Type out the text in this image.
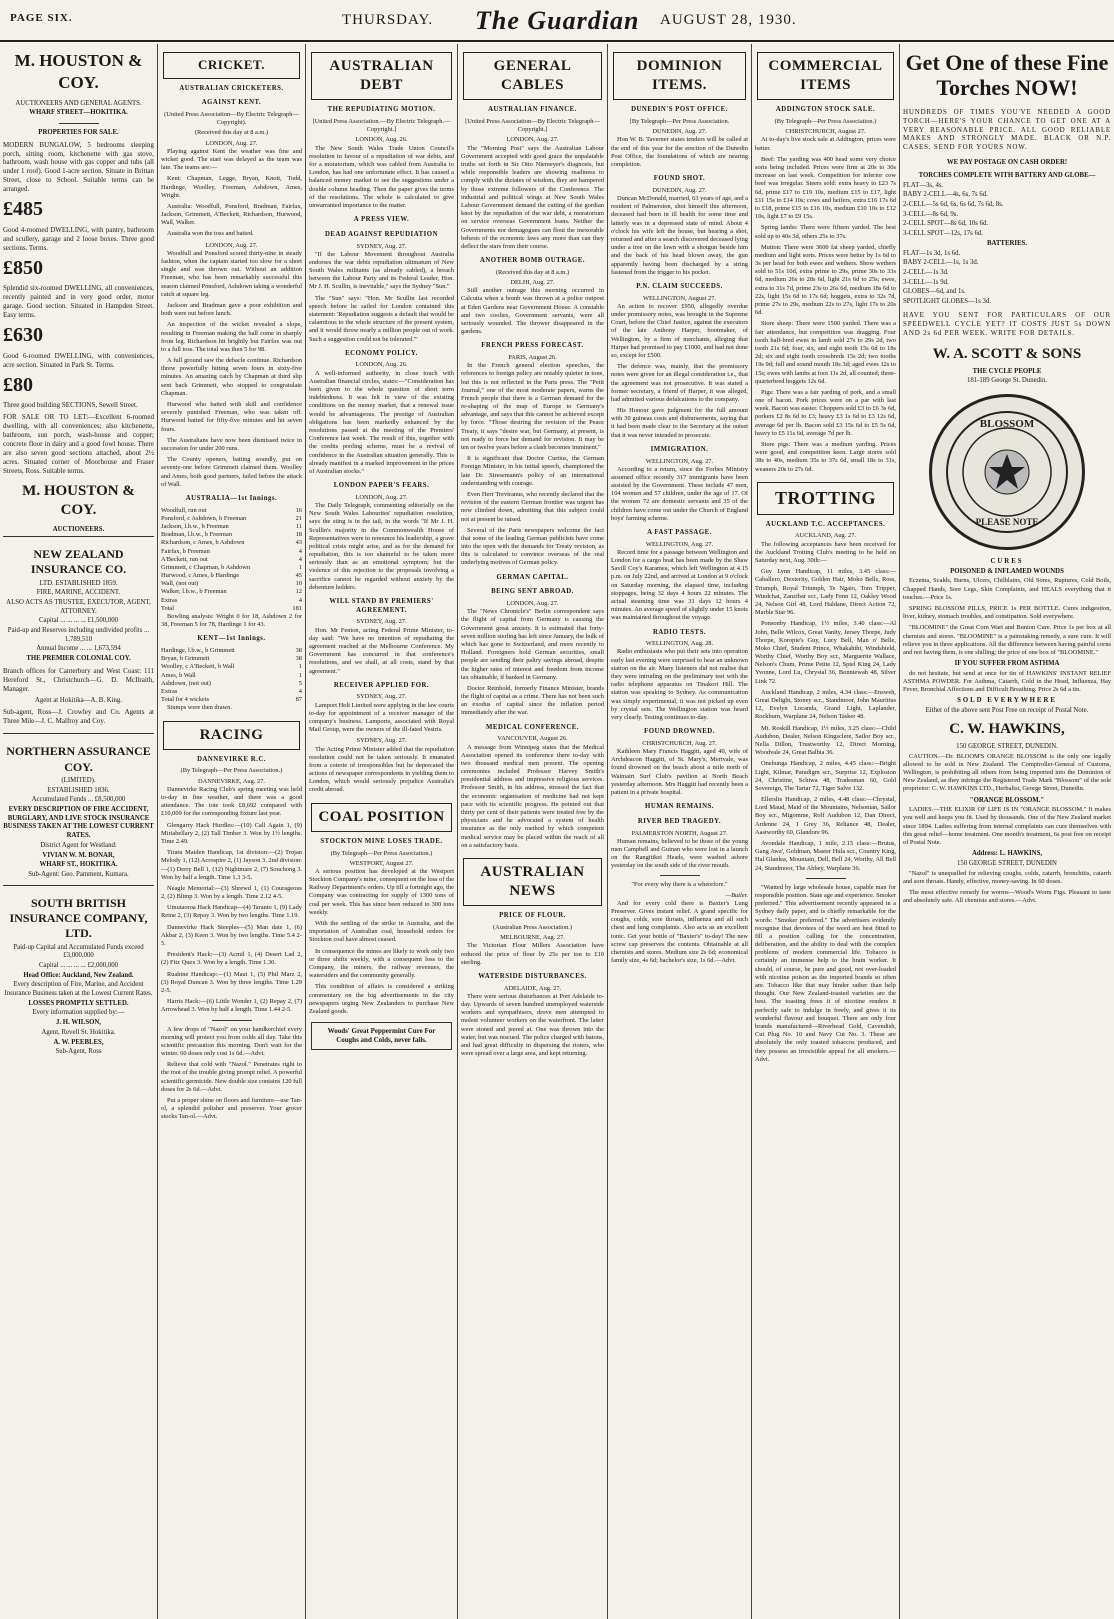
PAGE SIX.	THURSDAY. The Guardian AUGUST 28, 1930.
M. HOUSTON & COY.
AUCTIONEERS AND GENERAL AGENTS.
WHARF STREET—HOKITIKA.
PROPERTIES FOR SALE.
MODERN BUNGALOW, 5 bedrooms sleeping porch, sitting room, kitchenette with gas stove, bathroom, wash house with gas copper and tubs (all under 1 roof). Good 1-acre section. Situate in Brittan Street, close to School. Suitable terms can be arranged.
£485
Good 4-roomed DWELLING, with pantry, bathroom and scullery, garage and 2 loose boxes. Three good sections. Terms.
£850
Splendid six-roomed DWELLING, all conveniences, recently painted and in very good order, motor garage. Good section. Situated in Hampden Street. Easy terms.
£630
Good 6-roomed DWELLING, with conveniences, acre section. Situated in Park St. Terms.
£80
Three good building SECTIONS, Sewell Street.
FOR SALE OR TO LET:—Excellent 6-roomed dwelling, with all conveniences; also kitchenette, bathroom, sun porch, wash-house and copper; concrete floor in dairy and a good fowl house. There are also seven good sections attached, about 2½ acres. Situated corner of Moorhouse and Fraser Streets, Ross. Suitable terms.
M. HOUSTON & COY.
AUCTIONEERS.
NEW ZEALAND INSURANCE CO.
LTD. ESTABLISHED 1859.
FIRE, MARINE, ACCIDENT.
ALSO ACTS AS TRUSTEE, EXECUTOR, AGENT, ATTORNEY.
Capital ... ... ... ... £1,500,000
Paid-up and Reserves including undivided profits ... 1,789,510
Annual Income ... ... 1,673,594
THE PREMIER COLONIAL COY.
Branch offices for Canterbury and West Coast: 111 Hereford St., Christchurch—G. D. McIlraith, Manager.
Agent at Hokitika—A. B. King.
Sub-agent, Ross—J. Crowley and Co. Agents at Three Mile—J. C. Malfroy and Coy.
NORTHERN ASSURANCE COY.
(LIMITED).
ESTABLISHED 1836.
Accumulated Funds ... £8,500,000
EVERY DESCRIPTION OF FIRE ACCIDENT, BURGLARY, AND LIVE STOCK INSURANCE BUSINESS TAKEN AT THE LOWEST CURRENT RATES.
District Agent for Westland:
VIVIAN W. M. BONAR,
WHARF ST., HOKITIKA.
Sub-Agent: Geo. Pamment, Kumara.
SOUTH BRITISH INSURANCE COMPANY, LTD.
Paid-up Capital and Accumulated Funds exceed £3,000,000
Capital ... ... ... ... £2,000,000
Head Office: Auckland, New Zealand.
Every description of Fire, Marine, and Accident Insurance Business taken at the Lowest Current Rates.
LOSSES PROMPTLY SETTLED.
Every information supplied by:—
J. H. WILSON,
Agent, Revell St. Hokitika.
A. W. PEEBLES,
Sub-Agent, Ross
CRICKET.
AUSTRALIAN CRICKETERS.
AGAINST KENT.
(United Press Association—By Electric Telegraph—Copyright).
(Received this day at 8 a.m.)
LONDON, Aug. 27.

Playing against Kent the weather was fine and wicket good. The start was delayed as the team was late. The teams are:—

Kent: Chapman, Legge, Bryan, Knott, Todd, Hardinge, Woolley, Freeman, Ashdown, Ames, Wright.

Australia: Woodfull, Ponsford, Bradman, Fairfax, Jackson, Grimmett, A'Beckett, Richardson, Hurwood, Wall, Walker.

Australia won the toss and batted.

LONDON, Aug. 27.

Woodfull and Ponsford scored thirty-nine in steady fashion, when the captain started too slow for a short single and was thrown out. Without an addition Freeman, who has been remarkably successful this season claimed Ponsford, Ashdown taking a wonderful catch at square leg.

Jackson and Bradman gave a poor exhibition and both were out before lunch.

An inspection of the wicket revealed a slope, resulting in Freeman making the ball come in sharply from leg. Richardson hit brightly but Fairfax was out to a full toss. The total was then 5 for 98.

A full ground saw the debacle continue. Richardson threw powerfully hitting seven fours in sixty-five minutes. An amazing catch by Chapman at third slip sent back Grimmett, who stopped to congratulate Chapman.

Hurwood who batted with skill and confidence severely punished Freeman, who was taken off. Hurwood batted for fifty-five minutes and hit seven fours.

The Australians have now been dismissed twice in succession for under 200 runs.

The County openers, batting soundly, put on seventy-one before Grimmett claimed them. Woolley and Ames, both good partners, failed before the attack of Wall.

AUSTRALIA—1st Innings.
Woodfull, run out	16
Ponsford, c Ashdown, b Freeman	21
Jackson, l.b.w., b Freeman	11
Bradman, l.b.w., b Freeman	18
Richardson, c Ames, b Ashdown	43
Fairfax, b Freeman	4
A'Beckett, run out	4
Grimmett, c Chapman, b Ashdown	1
Hurwood, c Ames, b Hardinge	45
Wall, (not out)	10
Walker, l.b.w., b Freeman	12
Extras	4
Total	181

Bowling analysis: Wright 0 for 18, Ashdown 2 for 38, Freeman 5 for 78, Hardinge 1 for 43.

KENT—1st Innings.
Hardinge, l.b.w., b Grimmett	38
Bryan, b Grimmett	38
Woolley, c A'Beckett, b Wall	1
Ames, b Wall	1
Ashdown, (not out)	5
Extras	4
Total for 4 wickets	87

Stumps were then drawn.

RACING
DANNEVIRKE R.C.
(By Telegraph—Per Press Association.)
DANNEVIRKE, Aug. 27.

Dannevirke Racing Club's spring meeting was held to-day in fine weather, and there was a good attendance. The tote took £8,692 compared with £10,009 for the corresponding fixture last year.

Glengarry Hack Hurdles:—(10) Call Again 1, (9) Miriabellary 2, (2) Tall Timber 3. Won by 1½ lengths. Time 2.49.

Tiratu Maiden Handicap, 1st division:—(2) Trojan Melody 1, (12) Acrospire 2, (1) Jayson 3. 2nd division:—(1) Derry Bell 1, (12) Nightmare 2, (7) Souchong 3. Won by half a length. Time 1.3 3-5.

Neagle Memorial:—(3) Shrewd 1, (1) Courageous 2, (2) Blimp 3. Won by a length. Time 2.12 4-5.

Umutaoroa Hack Handicap—(4) Taranto 1, (9) Lady Reine 2, (3) Repay 3. Won by two lengths. Time 1.19.

Dannevirke Hack Steeples—(5) Man date 1, (6) Akbar 2, (3) Keen 3. Won by two lengths. Time 5.4 2-5.

President's Hack:—(3) Acmil 1, (4) Desert Lad 2, (2) Fitz Quex 3. Won by a length. Time 1.30.

Ruahine Handicap:—(1) Maui 1, (5) Phil Marz 2, (3) Royal Duncan 3. Won by three lengths. Time 1.29 2-5.

Harris Hack:—(6) Little Wonder 1, (2) Repay 2, (7) Arrowhead 3. Won by half a length. Time 1.44 2-5.

A few drops of "Nazol" on your handkerchief every morning will protect you from colds all day. Take this scientific precaution this morning. Don't wait for the winter. 60 doses only cost 1s 6d.—Advt.

Relieve that cold with "Nazol." Penetrates right to the root of the trouble giving prompt relief. A powerful scientific germicide. New double size contains 120 full doses for 2s 6d.—Advt.

Put a proper shine on floors and furniture—use Tan-ol, a splendid polisher and preserver. Your grocer stocks Tan-ol.—Advt.

AUSTRALIAN DEBT
THE REPUDIATING MOTION.
[United Press Association.—By Electric Telegraph.—Copyright.]
LONDON, Aug. 26.

The New South Wales Trade Union Council's resolution in favour of a repudiation of war debts, and for a moratorium, which was cabled from Australia to London, has had one unfortunate effect. It has caused a balanced money market to see the suggestions under a double column heading. Then the paper gives the terms of the resolutions. The whole is calculated to give unwarranted importance to the matter.

A PRESS VIEW.
DEAD AGAINST REPUDIATION
SYDNEY, Aug. 27.

"If the Labour Movement throughout Australia endorses the war debts repudiation ultimatum of New South Wales militants (as already cabled), a breach between the Labour Party and its Federal Leader, Hon. Mr J. H. Scullin, is inevitable," says the Sydney "Sun."

The "Sun" says: "Hon. Mr Scullin last recorded speech before he sailed for London contained this statement: 'Repudiation suggests a default that would be calamitous to the whole structure of the present system, and it would throw nearly a million people out of work. Such a suggestion could not be tolerated.'"

ECONOMY POLICY.
LONDON, Aug. 26.

A well-informed authority, in close touch with Australian financial circles, states:—"Consideration has been given to the whole question of short term indebtedness. It was felt in view of the existing conditions on the money market, that a renewal issue would be advantageous. The prestige of Australian obligations has been markedly enhanced by the resolutions passed at the meeting of the Premiers' Conference last week. The result of this, together with the credits pooling scheme, must be a revival of confidence in the Australian situation generally. This is already manifest in a marked improvement in the prices of Australian stocks."

LONDON PAPER'S FEARS.
LONDON, Aug. 27.

The Daily Telegraph, commenting editorially on the New South Wales Labourites' repudiation resolution, says the sting is in the tail, in the words "If Mr J. H. Scullin's majority in the Commonwealth House of Representatives were to renounce his leadership, a grave political crisis might arise, and as for the demand for repudiation, this is too shameful to be taken more seriously than as an emotional symptom; but the violence of this rejection to the proposals involving a sacrifice cannot be regarded without anxiety by the debenture holders.

WILL STAND BY PREMIERS' AGREEMENT.
SYDNEY, Aug. 27.

Hon. Mr Fenton, acting Federal Prime Minister, to-day said: "We have no intention of repudiating the agreement reached at the Melbourne Conference. My Government has concurred in that conference's resolutions, and we shall, at all costs, stand by that agreement."

RECEIVER APPLIED FOR.
SYDNEY, Aug. 27.

Lamport Holt Limited were applying in the law courts to-day for appointment of a receiver manager of the company's business. Lamports, associated with Royal Mail Group, were the owners of the ill-fated Vestris.

SYDNEY, Aug. 27.

The Acting Prime Minister added that the repudiation resolution could not be taken seriously. It emanated from a coterie of irresponsibles but he deprecated the actions of newspaper correspondents in yielding them to London, which would seriously prejudice Australia's credit abroad.

COAL POSITION
STOCKTON MINE LOSES TRADE.
(By Telegraph—Per Press Association.)
WESTPORT, August 27.

A serious position has developed at the Westport Stockton Company's mine, consequent on the loss of the Railway Department's orders. Up till a fortnight ago, the Company was contracting for supply of 1300 tons of coal per week. This has since been reduced to 300 tons weekly.

With the settling of the strike in Australia, and the importation of Australian coal, household orders for Stockton coal have almost ceased.

In consequence the mines are likely to work only two or three shifts weekly, with a consequent loss to the Company, the miners, the railway revenues, the watersiders and the community generally.

This condition of affairs is considered a striking commentary on the big advertisements in the city newspapers urging New Zealanders to purchase New Zealand goods.

Woods' Great Peppermint Cure For Coughs and Colds, never fails.
GENERAL CABLES
AUSTRALIAN FINANCE.
[United Press Association—By Electric Telegraph—Copyright.]
LONDON, Aug. 27.

The "Morning Post" says the Australian Labour Government accepted with good grace the unpalatable truths set forth in Sir Otto Niemeyer's diagnosis, but while responsible leaders are showing readiness to comply with the dictates of wisdom, they are hampered by those extreme followers of the Conference. The industrial and political wings at New South Wales Labour Government demand the cutting of the gordian knot by the repudiation of the war debt, a moratorium on service overseas Government loans. Neither the Governments nor demagogues can flout the inexorable behests of the economic laws any more than can they deflect the stars from their course.

ANOTHER BOMB OUTRAGE.
(Received this day at 8 a.m.)
DELHI, Aug. 27.

Still another outrage this morning occurred in Calcutta when a bomb was thrown at a police outpost at Eden Gardens near Government House. A constable and two coolies, Government servants, were all seriously wounded. The thrower disappeared in the gardens.

FRENCH PRESS FORECAST.
PARIS, August 26.

In the French general election speeches, the references to foreign policy are notably quieter in tone, but this is not reflected in the Paris press. The "Petit Journal," one of the most moderate papers, warns the French people that there is a German demand for the re-shaping of the map of Europe to Germany's advantage, and says that this cannot be achieved except by force. "Those desiring the revision of the Peace Treaty, it says "desire war, but Germany, at present, is not ready to force her demand for revision. It may be ten or twelve years before a clash becomes imminent."

It is significant that Doctor Curtius, the German Foreign Minister, in his initial speech, championed the late Dr. Stresemann's policy of an international understanding with courage.

Even Herr Treviranus, who recently declared that the revision of the eastern German frontier was urgent has now climbed down, admitting that this subject could not at present be raised.

Several of the Paris newspapers welcome the fact that some of the leading German publicists have come into the open with the demands for Treaty revision, as this is calculated to convince overseas of the real underlying motives of German policy.

GERMAN CAPITAL.
BEING SENT ABROAD.
LONDON, Aug. 27.

The "News Chronicle's" Berlin correspondent says the flight of capital from Germany is causing the Government great anxiety. It is estimated that forty-seven million sterling has left since January, the bulk of which has gone to Switzerland, and more recently to Holland. Foreigners hold German securities, small people are sending their paltry savings abroad, despite the higher rates of interest and freedom from income tax obtainable, if banked in Germany.

Doctor Reinhold, formerly Finance Minister, brands the flight of capital as a crime. There has not been such an exodus of capital since the inflation period immediately after the war.

MEDICAL CONFERENCE.
VANCOUVER, August 26.

A message from Winnipeg states that the Medical Association opened its conference there to-day with two thousand medical men present. The opening ceremonies included Professor Harvey Smith's presidential address and impressive religious services. Professor Smith, in his address, stressed the fact that the economic organisation of medicine had not kept pace with its scientific progress. He pointed out that thirty per cent of their patients were treated free by the physicians and he advocated a system of health insurance as the only method by which competent medical service may be placed within the reach of all on a satisfactory basis.

AUSTRALIAN NEWS
PRICE OF FLOUR.
(Australian Press Association.)
MELBOURNE, Aug. 27.

The Victorian Flour Millers Association have reduced the price of flour by 25s per ton to £10 sterling.

WATERSIDE DISTURBANCES.
ADELAIDE, Aug. 27.

There were serious disturbances at Port Adelaide to-day. Upwards of seven hundred unemployed waterside workers and sympathisers, drove men attempted to molest volunteer workers on the waterfront. The latter were stoned and jeered at. One was thrown into the water, but was rescued. The police charged with batons, and had great difficulty in dispersing the rioters, who were spread over a large area, and kept returning.

DOMINION ITEMS.
DUNEDIN'S POST OFFICE.
[By Telegraph—Per Press Association.
DUNEDIN, Aug. 27.

Hon W. B. Taverner states tenders will be called at the end of this year for the erection of the Dunedin Post Office, the foundations of which are nearing completion.

FOUND SHOT.
DUNEDIN, Aug. 27.

Duncan McDonald, married, 63 years of age, and a resident of Palmerston, shot himself this afternoon, deceased had been in ill health for some time and latterly was in a depressed state of mind. About 4 o'clock his wife left the house, but hearing a shot, returned and after a search discovered deceased lying under a tree on the lawn with a shotgun beside him and the back of his head blown away, the gun apparently having been discharged by a string fastened from the trigger to his pocket.

P.N. CLAIM SUCCEEDS.
WELLINGTON, August 27.

An action to recover £950, allegedly overdue under promissory notes, was brought in the Supreme Court, before the Chief Justice, against the executors of the late Anthony Harper, bootmaker, of Wellington, by a firm of merchants, alleging that Harper had promised to pay £1000, and had not done so, except for £500.

The defence was, mainly, that the promissory notes were given for an illegal consideration i.e., that the agreement was not prosecutive. It was stated a former secretary, a friend of Harper, it was alleged, had admitted various defalcations to the company.

His Honour gave judgment for the full amount with 30 guineas costs and disbursements, saying that it had been made clear to the Secretary at the outset that it was never intended to prosecute.

IMMIGRATION.
WELLINGTON, Aug. 27.

According to a return, since the Forbes Ministry assumed office recently 317 immigrants have been assisted by the Government. These include 47 men, 104 women and 57 children, under the age of 17. Of the women 72 are domestic servants and 35 of the children have come out under the Church of England boys' farming scheme.

A FAST PASSAGE.
WELLINGTON, Aug. 27.

Record time for a passage between Wellington and London for a cargo boat has been made by the Shaw Savill Coy's Karamea, which left Wellington at 4.15 p.m. on July 22nd, and arrived at London at 9 o'clock on Saturday morning, the elapsed time, including stoppages, being 32 days 4 hours 22 minutes. The actual steaming time was 31 days 12 hours 4 minutes. An average speed of slightly under 15 knots was maintained throughout the voyage.

RADIO TESTS.
WELLINGTON, Aug. 28.

Radio enthusiasts who put their sets into operation early last evening were surprised to hear an unknown station on the air. Many listeners did not realise that they were intruding on the preliminary test with the radio telephone apparatus on Tinakori Hill. The station was speaking to Sydney. As communication was simply experimental, it was not picked up even by crystal sets. The Wellington station was heard very clearly. Testing continues to-day.

FOUND DROWNED.
CHRISTCHURCH, Aug. 27.

Kathleen Mary Francis Haggitt, aged 40, wife of Archdeacon Haggitt, of St. Mary's, Merivale, was found drowned on the beach about a mile north of Waimairi Surf Club's pavilion at North Beach yesterday afternoon. Mrs Haggitt had recently been a patient in a private hospital.

HUMAN REMAINS.
RIVER BED TRAGEDY.
PALMERSTON NORTH, August 27.

Human remains, believed to be those of the young men Campbell and Guinan who were lost in a launch on the Rangitikei Heads, were washed ashore yesterday on the south side of the river mouth.

"For every why there is a wherefore."
—Butler.

And for every cold there is Baxter's Lung Preserver. Gives instant relief. A grand specific for coughs, colds, sore throats, influenza and all such chest and lung complaints. Also acts as an excellent tonic. Get your bottle of "Baxter's" to-day! The new screw cap preserves the contents. Obtainable at all chemists and stores. Medium size 2s 6d; economical family size, 4s 6d; bachelor's size, 1s 6d.—Advt.

COMMERCIAL ITEMS
ADDINGTON STOCK SALE.
(By Telegraph—Per Press Association.)
CHRISTCHURCH, August 27.

At to-day's live stock sale at Addington, prices were better.

Beef: The yarding was 400 head some very choice sorts being included. Prices were firm at 20s to 30s increase on last week. Competition for inferior cow beef was irregular. Steers sold: extra heavy to £23 7s 6d, prime £17 to £19 10s, medium £15 to £17, light £11 15s to £14 10s; cows and heifers, extra £16 17s 6d to £18, prime £15 to £16 10s, medium £10 10s to £12 10s, light £7 to £9 15s.

Spring lambs: There were fifteen yarded. The best sold up to 40s 3d, others 25s to 37s.

Mutton: There were 3600 fat sheep yarded, chiefly medium and light sorts. Prices were better by 1s 6d to 3s per head for both ewes and wethers. Show wethers sold to 51s 10d, extra prime to 29s, prime 30s to 33s 6d, medium 26s to 28s 6d, light 21s 6d to 25s; ewes, extra to 31s 7d, prime 23s to 26s 6d, medium 18s 6d to 22s, light 15s 6d to 17s 6d; hoggets, extra to 32s 7d, prime 27s to 29s, medium 22s to 27s, light 17s to 20s 6d.

Store sheep: There were 1500 yarded. There was a fair attendance, but competition was dragging. Four tooth half-bred ewes in lamb sold 27s to 29s 2d, two tooth 21s 6d; four, six, and eight tooth 15s 6d to 18s 2d; six and eight tooth crossbreds 15s 2d; two tooths 19s 9d; full and sound mouth 18s 3d; aged ewes 12s to 15s; ewes with lambs at foot 11s 2d, all counted; three-quarterbred hoggets 12s 6d.

Pigs: There was a fair yarding of pork, and a small one of bacon. Pork prices were on a par with last week. Bacon was easier. Choppers sold £3 to £6 3s 6d, porkers £2 8s 6d to £3; heavy £3 1s 6d to £3 12s 6d, average 6d per lb. Bacon sold £3 15s 6d to £5 5s 6d, heavy to £5 11s 6d, average 7d per lb.

Store pigs: There was a medium yarding. Prices were good, and competition keen. Large stores sold 38s to 40s, medium 35s to 37s 6d, small 18s to 31s, weaners 20s to 27s 6d.

TROTTING
AUCKLAND T.C. ACCEPTANCES.
AUCKLAND, Aug. 27.

The following acceptances have been received for the Auckland Trotting Club's meeting to be held on Saturday next, Aug. 30th:—

Guy Lynn Handicap, 11 miles, 3.45 class:—Caballero, Dexterity, Golden Hair, Moko Bells, Ross, Triumph, Royal Triumph, Te Ngaio, Tom Tripper, Windchat, Zanzibar scr., Lady Fenn 12, Oakley Wood 24, Nelson Girl 48, Lord Haldane, Direct Action 72, Marble Star 96.

Ponsonby Handicap, 1½ miles, 3.40 class:—Al John, Belle Wilcox, Great Vanity, Jersey Thorpe, Judy Thorpe, Koropie's Guy, Lucy Bell, Man o' Belle, Moko Chief, Student Prince, Whakahihi, Windshield, Worthy Chief, Worthy Boy scr., Marguerite Wallace, Nelson's Chum, Prime Petite 12, Spiel King 24, Lady Yvonne, Lord Lu, Chrystal 36, Bonniewah 48, Silver Link 72.

Auckland Handicap, 2 miles, 4.34 class:—Ensweh, Great Delight, Stoney scr., Standmoor, John Mauritius 12, Evelyn Locanda, Grand Light, Laplander, Rockburn, Warplane 24, Nelson Tasker 48.

Mt. Roskill Handicap, 1½ miles, 3.25 class:—Child Audubon, Dealer, Nelson Kingsclere, Sailor Boy scr., Nella Dillon, Trustworthy 12, Direct Morning, Woodvale 24, Great Balbia 36.

Onehunga Handicap, 2 miles, 4.45 class:—Bright Light, Kilmar, Paradigm scr., Surprise 12, Explosion 24, Christine, Schiwa 48, Tradesman 60, Gold Sovereign, The Tartar 72, Tiger Salve 132.

Ellerslie Handicap, 2 miles, 4.48 class:—Chrystal, Lord Maud, Maid of the Mountains, Nelsonian, Sailor Boy scr., Migomme, Rolf Audubon 12, Dan Direct, Ardenne 24, I Grey 36, Reliance 48, Dealer, Aastworthy 60, Glandore 96.

Avondale Handicap, 1 mile, 2.15 class:—Brutus, Gang Awa', Goldman, Master Hula scr., Country King, Hal Glanlea, Mountain, Dell, Bell 24, Worthy, All Bell 24, Standmoor, The Abbey, Warplane 36.

"Wanted by large wholesale house, capable man for responsible position. State age and experience. Smoker preferred." This advertisement recently appeared in a Sydney daily paper, and is chiefly remarkable for the words: "Smoker preferred." The advertisers evidently recognise that devotees of the weed are best fitted to fill a position calling for the concentration, deliberation, and the ability to deal with the complex problems of modern commercial life. Tobacco is certainly an immense help to the brain worker. It should, of course, be pure and good, not over-loaded with nicotine poison as the imported brands so often are. Tobacco like that may hinder rather than help thought. Our New Zealand-toasted varieties are the best. The toasting frees it of nicotine renders it perfectly safe to indulge in freely, and gives it its wonderful flavour and bouquet. There are only four brands manufactured—Riverhead Gold, Cavendish, Cut Plug No. 10 and Navy Cut No. 3. These are absolutely the only toasted tobaccos produced, and they possess an irresistible appeal for all smokers.—Advt.

Get One of these Fine Torches NOW!

HUNDREDS OF TIMES YOU'VE NEEDED A GOOD TORCH—HERE'S YOUR CHANCE TO GET ONE AT A VERY REASONABLE PRICE. ALL GOOD RELIABLE MAKES AND STRONGLY MADE. BLACK OR N.P. CASES. SEND FOR YOURS NOW.

WE PAY POSTAGE ON CASH ORDER!
TORCHES COMPLETE WITH BATTERY AND GLOBE—
FLAT—3s, 4s.
BABY 2-CELL—4s, 6s, 7s 6d.
2-CELL—5s 6d, 6s, 6s 6d, 7s 6d, 8s.
3-CELL—8s 6d, 9s.
2-CELL SPOT—8s 6d, 10s 6d.
3-CELL SPOT—12s, 17s 6d.
BATTERIES.
FLAT—1s 3d, 1s 6d.
BABY 2-CELL—1s, 1s 3d.
2-CELL—1s 3d.
3-CELL—1s 9d.
GLOBES—6d, and 1s.
SPOTLIGHT GLOBES—1s 3d.

HAVE YOU SENT FOR PARTICULARS OF OUR SPEEDWELL CYCLE YET? IT COSTS JUST 5s DOWN AND 2s 6d PER WEEK. WRITE FOR DETAILS.

W. A. SCOTT & SONS
THE CYCLE PEOPLE
181-189 George St. Dunedin.
BLOSSOM
PLEASE NOTE
CURES
POISONED & INFLAMED WOUNDS

Eczema, Scalds, Burns, Ulcers, Chilblains, Old Sores, Ruptures, Cold Boils, Chapped Hands, Sore Legs, Skin Complaints, and HEALS everything that it touches.—Price 1s.

SPRING BLOSSOM PILLS, PRICE 1s PER BOTTLE. Cures indigestion, liver, kidney, stomach troubles, and constipation. Sold everywhere.

"BLOOMINE" the Great Corn Wart and Bunion Cure. Price 1s per box at all chemists and stores. "BLOOMINE" is a painstaking remedy, a sure cure. It will relieve you in three applications. All the difference between having painful corns and not having them, is one shilling; the price of one box of "BLOOMINE."

IF YOU SUFFER FROM ASTHMA

do not hesitate, but send at once for tin of HAWKINS' INSTANT RELIEF ASTHMA POWDER. For Asthma, Catarrh, Cold in the Head, Influenza, Hay Fever, Bronchial Affections and Difficult Breathing. Price 2s 6d a tin.

SOLD EVERYWHERE
Either of the above sent Post Free on receipt of Postal Note.
C. W. HAWKINS,
150 GEORGE STREET, DUNEDIN.

CAUTION.—Dr. BLOOM'S ORANGE BLOSSOM is the only one legally allowed to be sold in New Zealand. The Comptroller-General of Customs, Wellington, is prohibiting all others from being imported into the Dominion of New Zealand, as they infringe the Registered Trade Mark "Blossom" of the sole proprietor: C. W. HAWKINS LTD., Herbalist, George Street, Dunedin.

"ORANGE BLOSSOM."

LADIES.—THE ELIXIR OF LIFE IS IN "ORANGE BLOSSOM." It makes you well and keeps you fit. Used by thousands. One of the New Zealand market since 1894. Ladies suffering from internal complaints can cure themselves with this great relief—home treatment. One month's treatment, 6s post free on receipt of Postal Note.

Address: L. HAWKINS,
150 GEORGE STREET, DUNEDIN

"Nazol" is unequalled for relieving coughs, colds, catarrh, bronchitis, catarrh and sore throats. Handy, effective, money-saving. In 60 doses.

The most effective remedy for worms—Wood's Worm Figs. Pleasant to taste and absolutely safe. All chemists and stores.—Advt.
